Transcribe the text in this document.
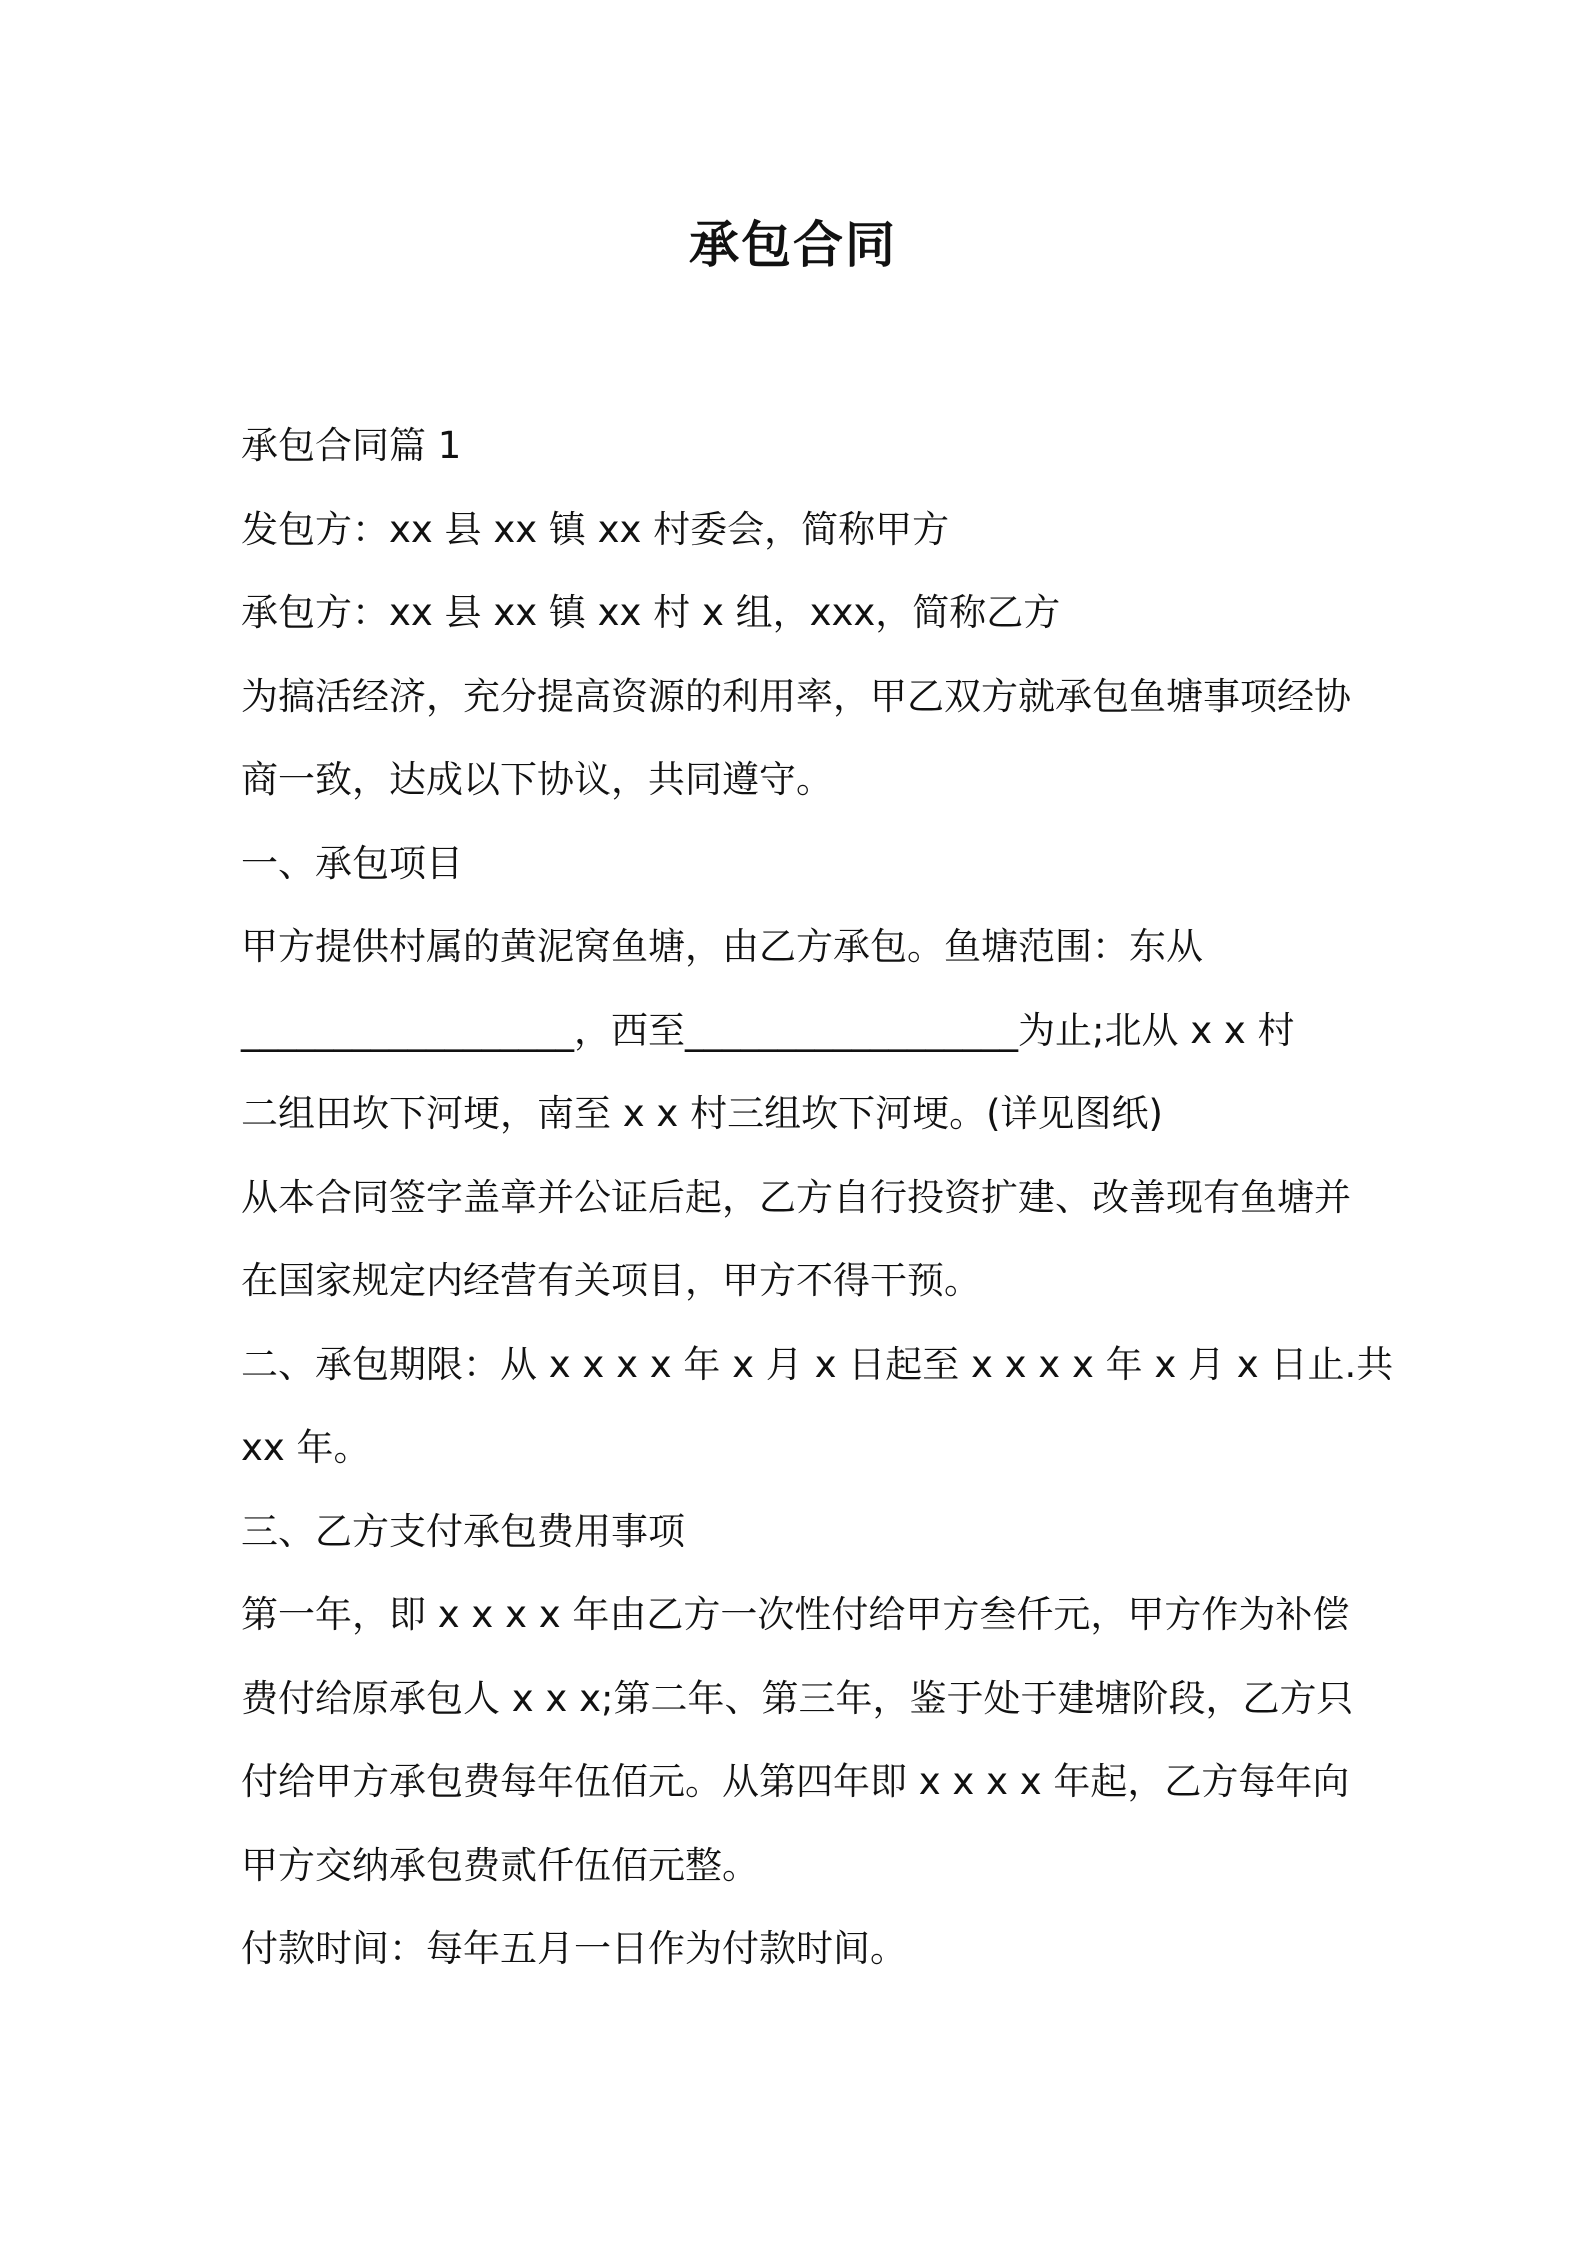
承包合同

承包合同篇 1

发包方：xx 县 xx 镇 xx 村委会，简称甲方

承包方：xx 县 xx 镇 xx 村 x 组，xxx，简称乙方

为搞活经济，充分提高资源的利用率，甲乙双方就承包鱼塘事项经协

商一致，达成以下协议，共同遵守。

一、承包项目

甲方提供村属的黄泥窝鱼塘，由乙方承包。鱼塘范围：东从

__________________，西至__________________为止;北从 x x 村

二组田坎下河埂，南至 x x 村三组坎下河埂。(详见图纸)

从本合同签字盖章并公证后起，乙方自行投资扩建、改善现有鱼塘并

在国家规定内经营有关项目，甲方不得干预。

二、承包期限：从 x x x x 年 x 月 x 日起至 x x x x 年 x 月 x 日止.共

xx 年。

三、乙方支付承包费用事项

第一年，即 x x x x 年由乙方一次性付给甲方叁仟元，甲方作为补偿

费付给原承包人 x x x;第二年、第三年，鉴于处于建塘阶段，乙方只

付给甲方承包费每年伍佰元。从第四年即 x x x x 年起，乙方每年向

甲方交纳承包费贰仟伍佰元整。

付款时间：每年五月一日作为付款时间。
